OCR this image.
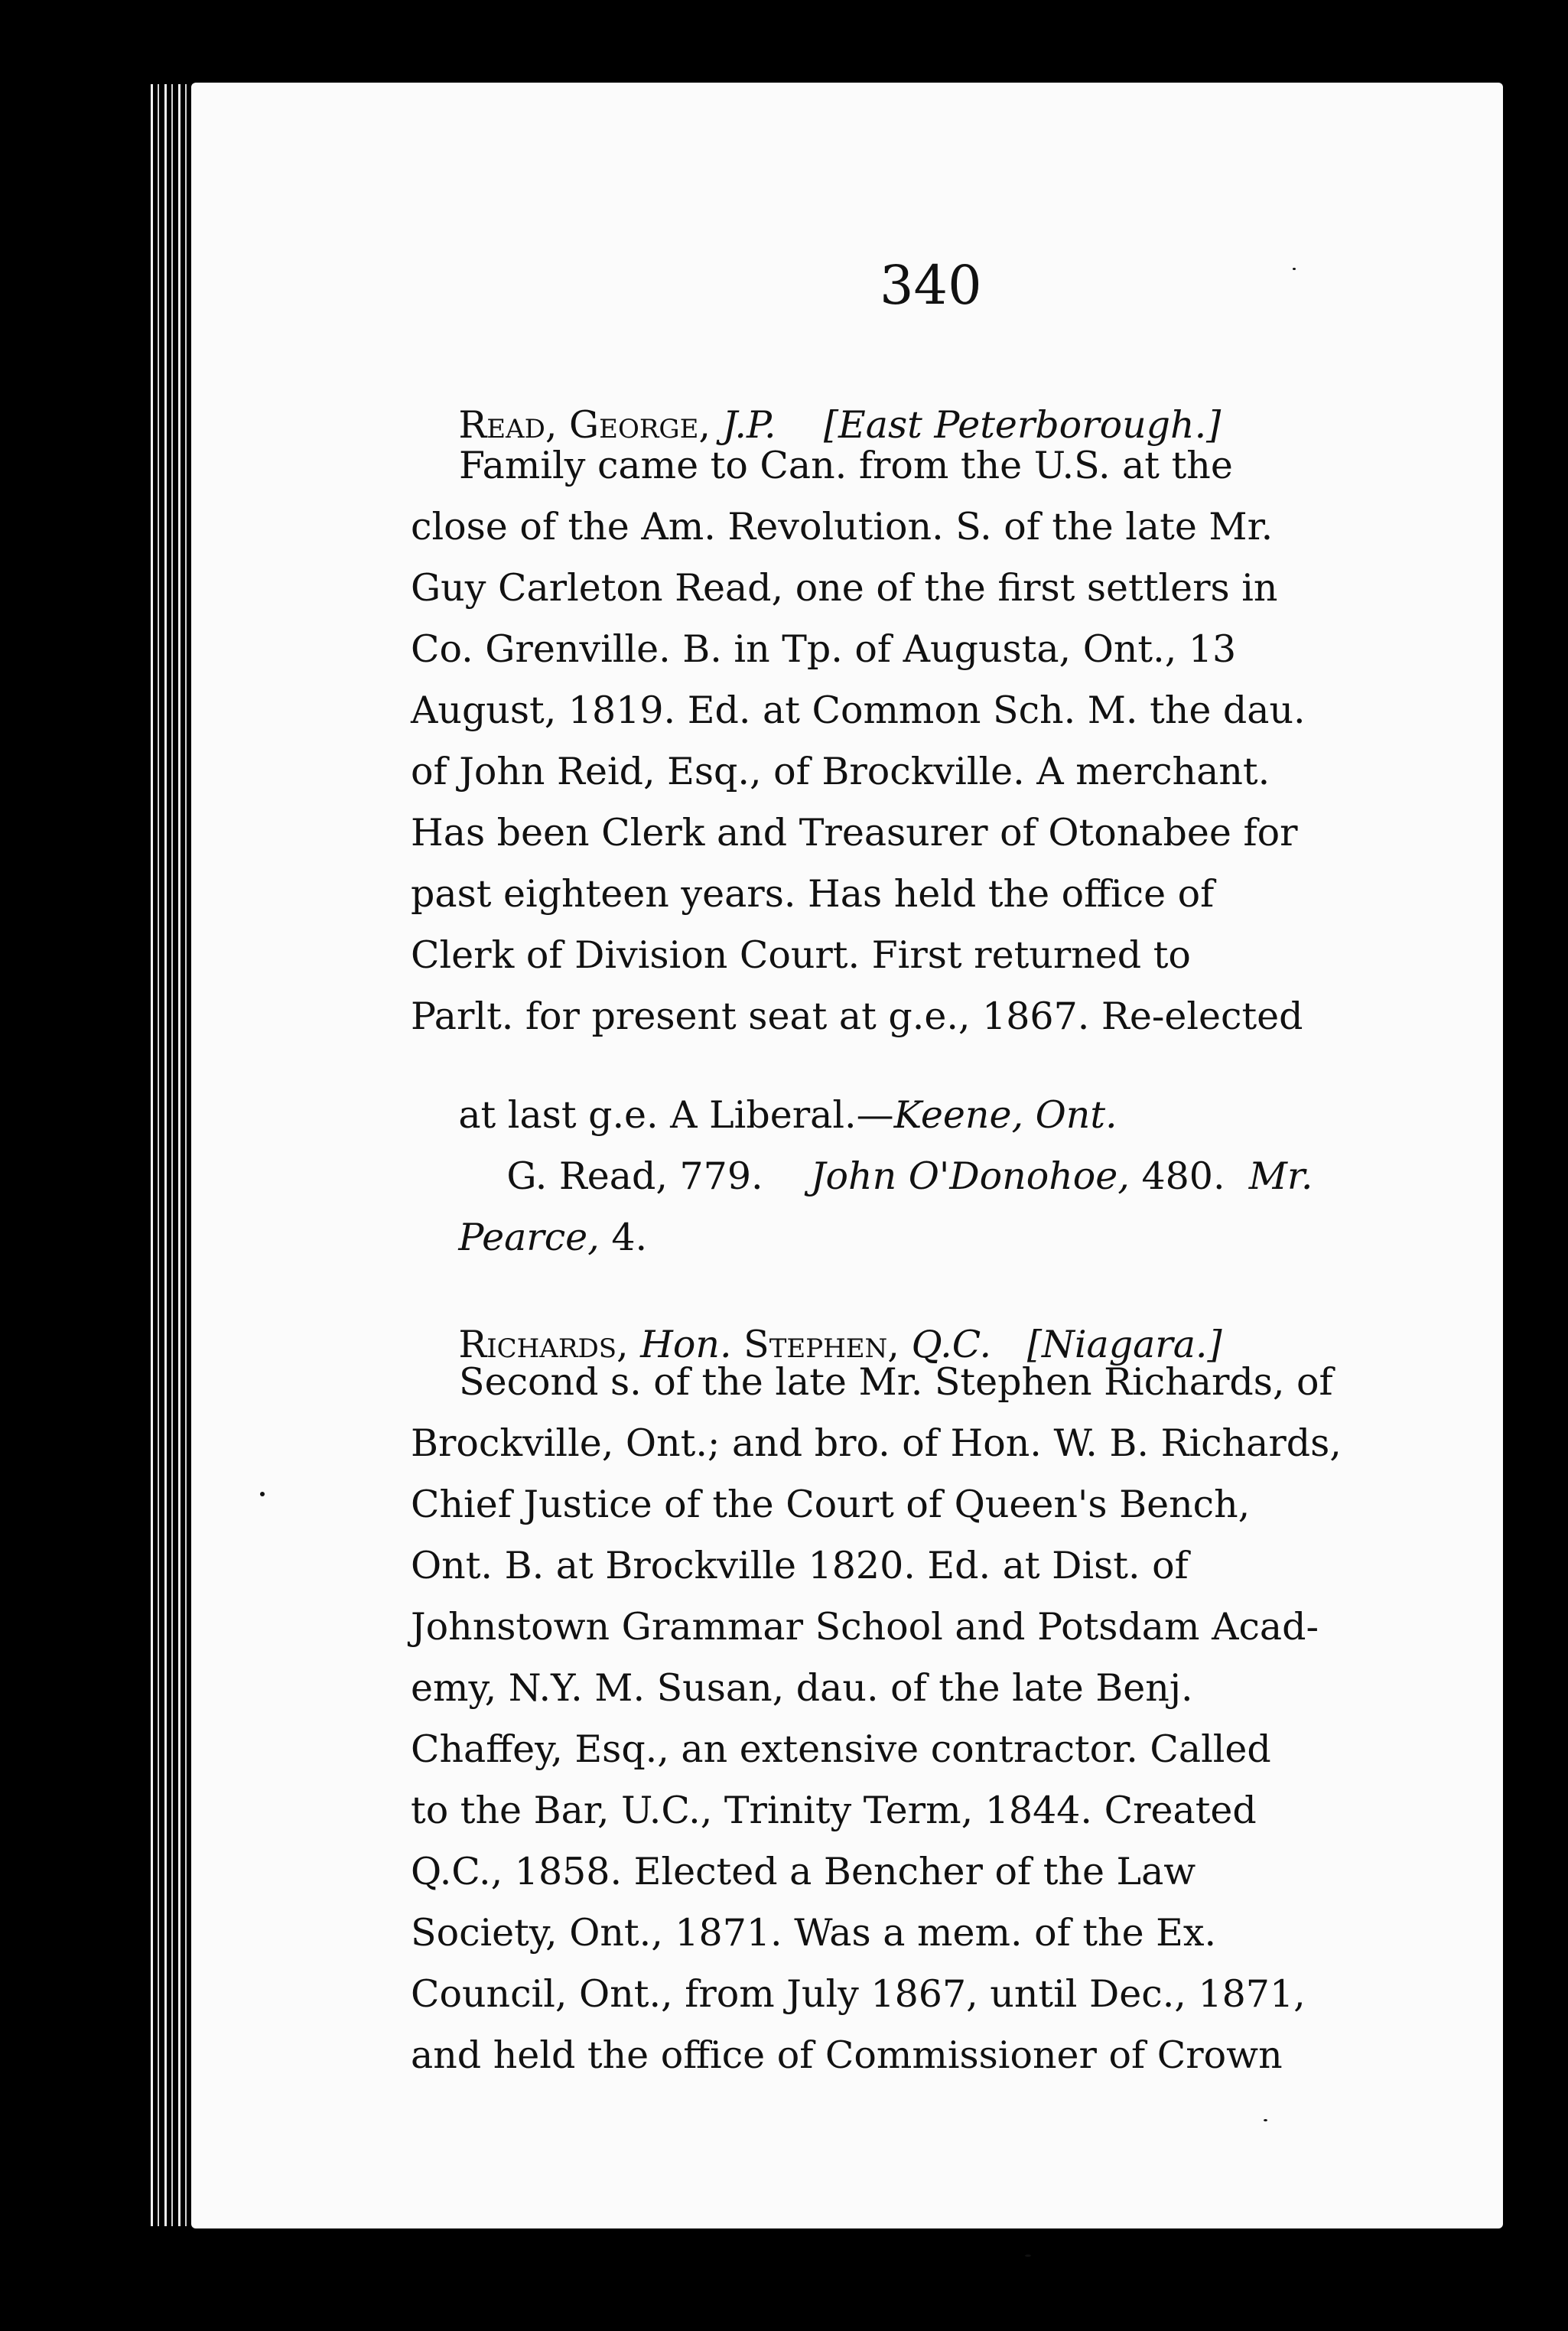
340

Read, George, J.P. [East Peterborough.]

Family came to Can. from the U.S. at the
close of the Am. Revolution. S. of the late Mr.
Guy Carleton Read, one of the first settlers in
Co. Grenville. B. in Tp. of Augusta, Ont., 13
August, 1819. Ed. at Common Sch. M. the dau.
of John Reid, Esq., of Brockville. A merchant.
Has been Clerk and Treasurer of Otonabee for
past eighteen years. Has held the office of
Clerk of Division Court. First returned to
Parlt. for present seat at g.e., 1867. Re-elected

at last g.e. A Liberal.—Keene, Ont.

G. Read, 779. John O'Donohoe, 480. Mr.

Pearce, 4.

Richards, Hon. Stephen, Q.C. [Niagara.]

Second s. of the late Mr. Stephen Richards, of
Brockville, Ont.; and bro. of Hon. W. B. Richards,
Chief Justice of the Court of Queen's Bench,
Ont. B. at Brockville 1820. Ed. at Dist. of
Johnstown Grammar School and Potsdam Acad-
emy, N.Y. M. Susan, dau. of the late Benj.
Chaffey, Esq., an extensive contractor. Called
to the Bar, U.C., Trinity Term, 1844. Created
Q.C., 1858. Elected a Bencher of the Law
Society, Ont., 1871. Was a mem. of the Ex.
Council, Ont., from July 1867, until Dec., 1871,
and held the office of Commissioner of Crown
